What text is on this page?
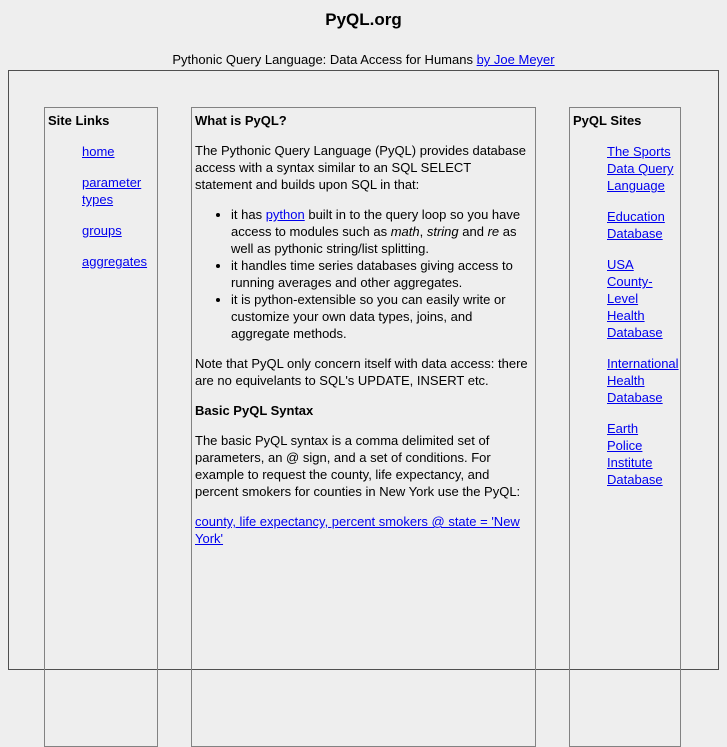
PyQL.org
Pythonic Query Language: Data Access for Humans by Joe Meyer
Site Links
home
parameter types
groups
aggregates
What is PyQL?

The Pythonic Query Language (PyQL) provides database access with a syntax similar to an SQL SELECT statement and builds upon SQL in that:

• it has python built in to the query loop so you have access to modules such as math, string and re as well as pythonic string/list splitting.
• it handles time series databases giving access to running averages and other aggregates.
• it is python-extensible so you can easily write or customize your own data types, joins, and aggregate methods.

Note that PyQL only concern itself with data access: there are no equivelants to SQL's UPDATE, INSERT etc.

Basic PyQL Syntax

The basic PyQL syntax is a comma delimited set of parameters, an @ sign, and a set of conditions. For example to request the county, life expectancy, and percent smokers for counties in New York use the PyQL:

county, life expectancy, percent smokers @ state = 'New York'

PyQL Sites
The Sports Data Query Language
Education Database
USA County-Level Health Database
International Health Database
Earth Police Institute Database
